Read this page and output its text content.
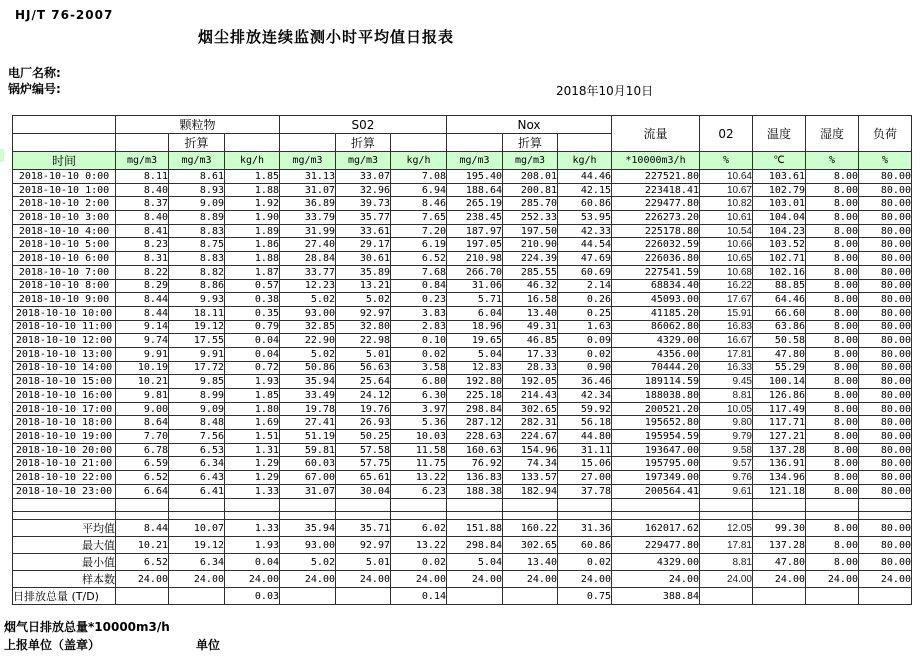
HJ/T 76-2007
烟尘排放连续监测小时平均值日报表
电厂名称:
锅炉编号:	2018年10月10日
	颗粒物			S02			Nox			流量	02	温度	湿度	负荷
		折算			折算			折算						
时间	mg/m3	mg/m3	kg/h	mg/m3	mg/m3	kg/h	mg/m3	mg/m3	kg/h	*10000m3/h	%	℃	%	%
2018-10-10 0:00	8.11	8.61	1.85	31.13	33.07	7.08	195.40	208.01	44.46	227521.80	10.64	103.61	8.00	80.00
2018-10-10 1:00	8.40	8.93	1.88	31.07	32.96	6.94	188.64	200.81	42.15	223418.41	10.67	102.79	8.00	80.00
2018-10-10 2:00	8.37	9.09	1.92	36.89	39.73	8.46	265.19	285.70	60.86	229477.80	10.82	103.01	8.00	80.00
2018-10-10 3:00	8.40	8.89	1.90	33.79	35.77	7.65	238.45	252.33	53.95	226273.20	10.61	104.04	8.00	80.00
2018-10-10 4:00	8.41	8.83	1.89	31.99	33.61	7.20	187.97	197.50	42.33	225178.80	10.54	104.23	8.00	80.00
2018-10-10 5:00	8.23	8.75	1.86	27.40	29.17	6.19	197.05	210.90	44.54	226032.59	10.66	103.52	8.00	80.00
2018-10-10 6:00	8.31	8.83	1.88	28.84	30.61	6.52	210.98	224.39	47.69	226036.80	10.65	102.71	8.00	80.00
2018-10-10 7:00	8.22	8.82	1.87	33.77	35.89	7.68	266.70	285.55	60.69	227541.59	10.68	102.16	8.00	80.00
2018-10-10 8:00	8.29	8.86	0.57	12.23	13.21	0.84	31.06	46.32	2.14	68834.40	16.22	88.85	8.00	80.00
2018-10-10 9:00	8.44	9.93	0.38	5.02	5.02	0.23	5.71	16.58	0.26	45093.00	17.67	64.46	8.00	80.00
2018-10-10 10:00	8.44	18.11	0.35	93.00	92.97	3.83	6.04	13.40	0.25	41185.20	15.91	66.60	8.00	80.00
2018-10-10 11:00	9.14	19.12	0.79	32.85	32.80	2.83	18.96	49.31	1.63	86062.80	16.83	63.86	8.00	80.00
2018-10-10 12:00	9.74	17.55	0.04	22.90	22.98	0.10	19.65	46.85	0.09	4329.00	16.67	50.58	8.00	80.00
2018-10-10 13:00	9.91	9.91	0.04	5.02	5.01	0.02	5.04	17.33	0.02	4356.00	17.81	47.80	8.00	80.00
2018-10-10 14:00	10.19	17.72	0.72	50.86	56.63	3.58	12.83	28.33	0.90	70444.20	16.33	55.29	8.00	80.00
2018-10-10 15:00	10.21	9.85	1.93	35.94	25.64	6.80	192.80	192.05	36.46	189114.59	9.45	100.14	8.00	80.00
2018-10-10 16:00	9.81	8.99	1.85	33.49	24.12	6.30	225.18	214.43	42.34	188038.80	8.81	126.86	8.00	80.00
2018-10-10 17:00	9.00	9.09	1.80	19.78	19.76	3.97	298.84	302.65	59.92	200521.20	10.05	117.49	8.00	80.00
2018-10-10 18:00	8.64	8.48	1.69	27.41	26.93	5.36	287.12	282.31	56.18	195652.80	9.80	117.71	8.00	80.00
2018-10-10 19:00	7.70	7.56	1.51	51.19	50.25	10.03	228.63	224.67	44.80	195954.59	9.79	127.21	8.00	80.00
2018-10-10 20:00	6.78	6.53	1.31	59.81	57.58	11.58	160.63	154.96	31.11	193647.00	9.58	137.28	8.00	80.00
2018-10-10 21:00	6.59	6.34	1.29	60.03	57.75	11.75	76.92	74.34	15.06	195795.00	9.57	136.91	8.00	80.00
2018-10-10 22:00	6.52	6.43	1.29	67.00	65.61	13.22	136.83	133.57	27.00	197349.00	9.76	134.96	8.00	80.00
2018-10-10 23:00	6.64	6.41	1.33	31.07	30.04	6.23	188.38	182.94	37.78	200564.41	9.61	121.18	8.00	80.00

平均值	8.44	10.07	1.33	35.94	35.71	6.02	151.88	160.22	31.36	162017.62	12.05	99.30	8.00	80.00
最大值	10.21	19.12	1.93	93.00	92.97	13.22	298.84	302.65	60.86	229477.80	17.81	137.28	8.00	80.00
最小值	6.52	6.34	0.04	5.02	5.01	0.02	5.04	13.40	0.02	4329.00	8.81	47.80	8.00	80.00
样本数	24.00	24.00	24.00	24.00	24.00	24.00	24.00	24.00	24.00	24.00	24.00	24.00	24.00	24.00
日排放总量 (T/D)			0.03			0.14			0.75	388.84				
烟气日排放总量*10000m3/h
上报单位（盖章）	单位
